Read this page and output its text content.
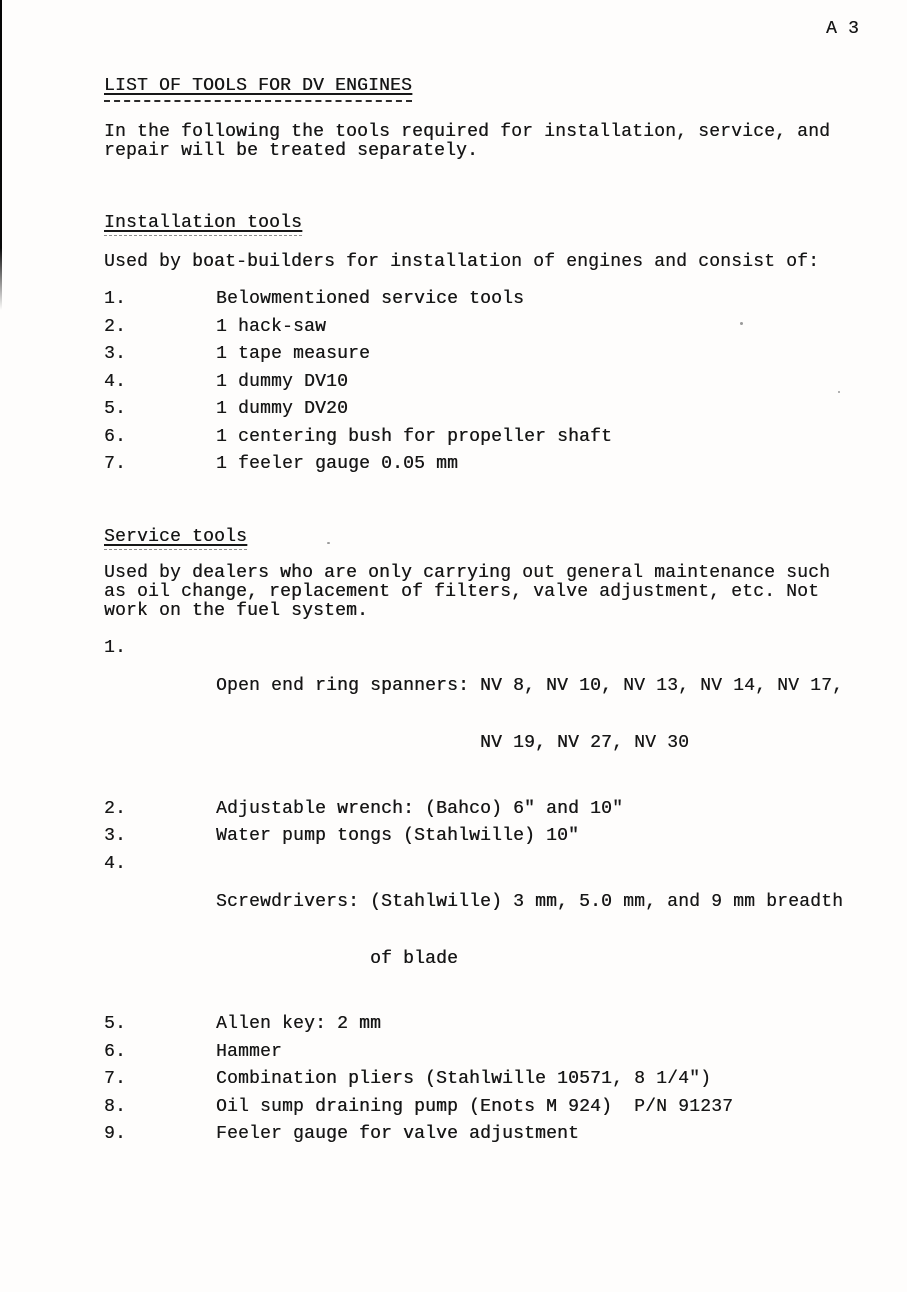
A 3
LIST OF TOOLS FOR DV ENGINES
In the following the tools required for installation, service, and
repair will be treated separately.
Installation tools
Used by boat-builders for installation of engines and consist of:
1.	Belowmentioned service tools
2.	1 hack-saw
3.	1 tape measure
4.	1 dummy DV10
5.	1 dummy DV20
6.	1 centering bush for propeller shaft
7.	1 feeler gauge 0.05 mm
Service tools
Used by dealers who are only carrying out general maintenance such
as oil change, replacement of filters, valve adjustment, etc. Not
work on the fuel system.
1.

Open end ring spanners: NV 8, NV 10, NV 13, NV 14, NV 17,

NV 19, NV 27, NV 30

2.	Adjustable wrench: (Bahco) 6" and 10"
3.	Water pump tongs (Stahlwille) 10"
4.

Screwdrivers: (Stahlwille) 3 mm, 5.0 mm, and 9 mm breadth

of blade

5.	Allen key: 2 mm
6.	Hammer
7.	Combination pliers (Stahlwille 10571, 8 1/4")
8.	Oil sump draining pump (Enots M 924)  P/N 91237
9.	Feeler gauge for valve adjustment
